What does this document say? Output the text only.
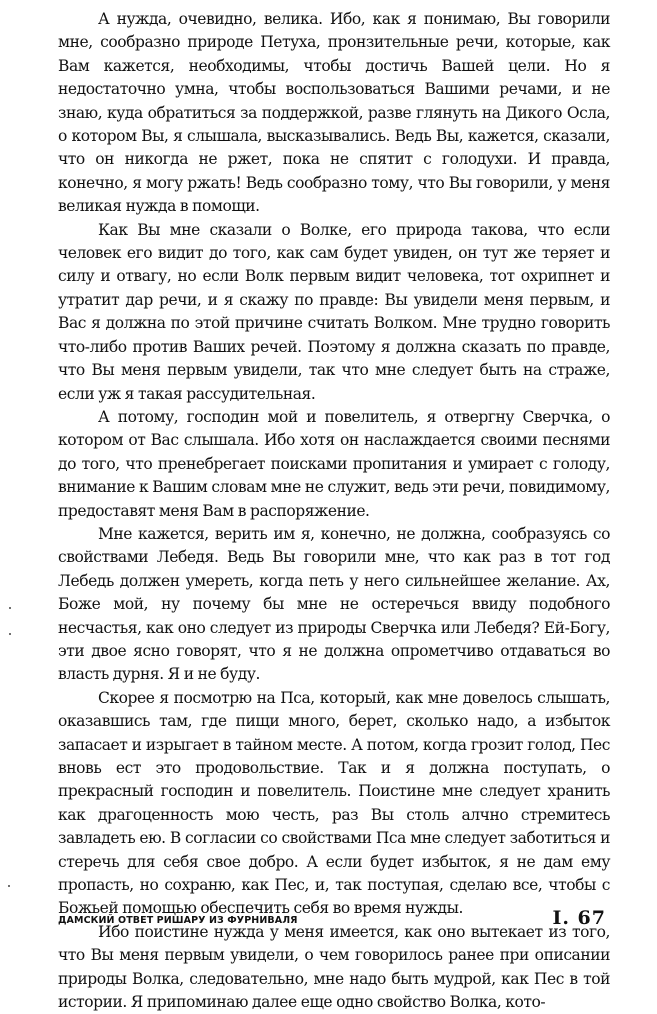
А нужда, очевидно, велика. Ибо, как я понимаю, Вы говорили мне, сообразно природе Петуха, пронзительные речи, которые, как Вам кажется, необходимы, чтобы достичь Вашей цели. Но я недостаточно умна, чтобы воспользоваться Вашими речами, и не знаю, куда обратиться за поддержкой, разве глянуть на Дикого Осла, о котором Вы, я слышала, высказывались. Ведь Вы, кажется, сказали, что он никогда не ржет, пока не спятит с голодухи. И правда, конечно, я могу ржать! Ведь сообразно тому, что Вы говорили, у меня великая нужда в помощи.

Как Вы мне сказали о Волке, его природа такова, что если человек его видит до того, как сам будет увиден, он тут же теряет и силу и отвагу, но если Волк первым видит человека, тот охрипнет и утратит дар речи, и я скажу по правде: Вы увидели меня первым, и Вас я должна по этой причине считать Волком. Мне трудно говорить что-либо против Ваших речей. Поэтому я должна сказать по правде, что Вы меня первым увидели, так что мне следует быть на страже, если уж я такая рассудительная.

А потому, господин мой и повелитель, я отвергну Сверчка, о котором от Вас слышала. Ибо хотя он наслаждается своими песнями до того, что пренебрегает поисками пропитания и умирает с голоду, внимание к Вашим словам мне не служит, ведь эти речи, повидимому, предоставят меня Вам в распоряжение.

Мне кажется, верить им я, конечно, не должна, сообразуясь со свойствами Лебедя. Ведь Вы говорили мне, что как раз в тот год Лебедь должен умереть, когда петь у него сильнейшее желание. Ах, Боже мой, ну почему бы мне не остеречься ввиду подобного несчастья, как оно следует из природы Сверчка или Лебедя? Ей-Богу, эти двое ясно говорят, что я не должна опрометчиво отдаваться во власть дурня. Я и не буду.

Скорее я посмотрю на Пса, который, как мне довелось слышать, оказавшись там, где пищи много, берет, сколько надо, а избыток запасает и изрыгает в тайном месте. А потом, когда грозит голод, Пес вновь ест это продовольствие. Так и я должна поступать, о прекрасный господин и повелитель. Поистине мне следует хранить как драгоценность мою честь, раз Вы столь алчно стремитесь завладеть ею. В согласии со свойствами Пса мне следует заботиться и стеречь для себя свое добро. А если будет избыток, я не дам ему пропасть, но сохраню, как Пес, и, так поступая, сделаю все, чтобы с Божьей помощью обеспечить себя во время нужды.

Ибо поистине нужда у меня имеется, как оно вытекает из того, что Вы меня первым увидели, о чем говорилось ранее при описании природы Волка, следовательно, мне надо быть мудрой, как Пес в той истории. Я припоминаю далее еще одно свойство Волка, кото-

ДАМСКИЙ ОТВЕТ РИШАРУ ИЗ ФУРНИВАЛЯ	I. 67
